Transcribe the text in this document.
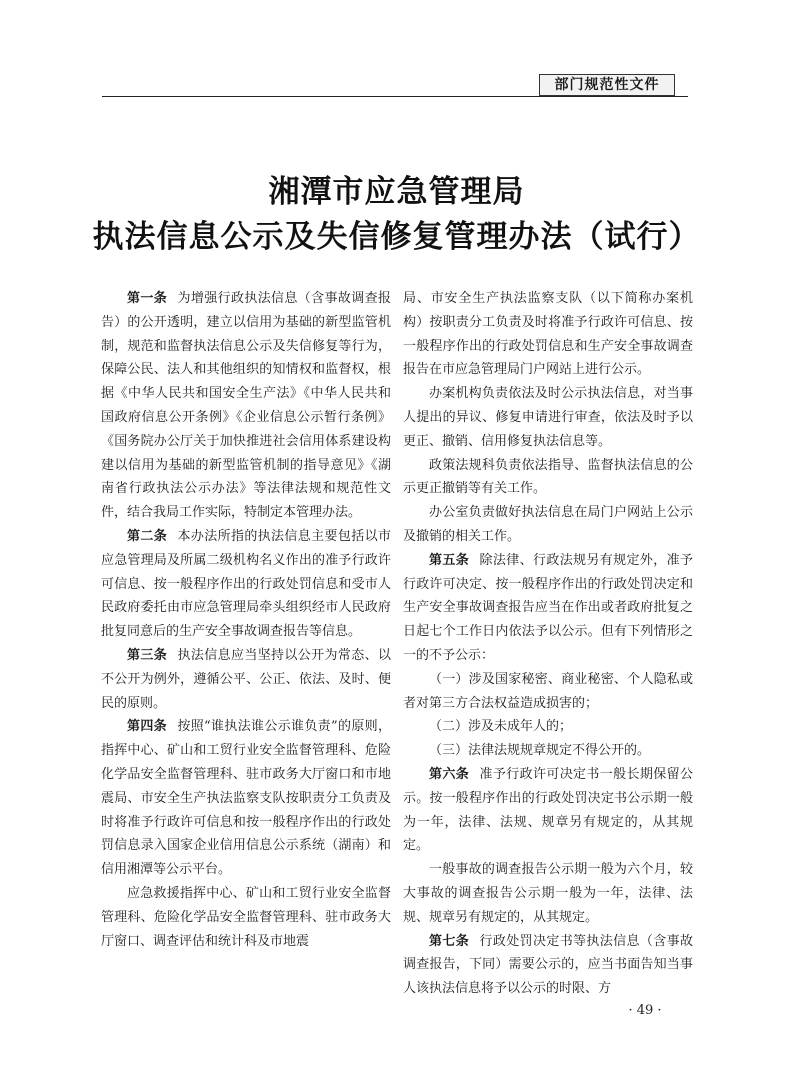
部门规范性文件
湘潭市应急管理局
执法信息公示及失信修复管理办法（试行）

第一条 为增强行政执法信息（含事故调查报告）的公开透明，建立以信用为基础的新型监管机制，规范和监督执法信息公示及失信修复等行为，保障公民、法人和其他组织的知情权和监督权，根据《中华人民共和国安全生产法》《中华人民共和国政府信息公开条例》《企业信息公示暂行条例》《国务院办公厅关于加快推进社会信用体系建设构建以信用为基础的新型监管机制的指导意见》《湖南省行政执法公示办法》等法律法规和规范性文件，结合我局工作实际，特制定本管理办法。

第二条 本办法所指的执法信息主要包括以市应急管理局及所属二级机构名义作出的准予行政许可信息、按一般程序作出的行政处罚信息和受市人民政府委托由市应急管理局牵头组织经市人民政府批复同意后的生产安全事故调查报告等信息。

第三条 执法信息应当坚持以公开为常态、以不公开为例外，遵循公平、公正、依法、及时、便民的原则。

第四条 按照“谁执法谁公示谁负责”的原则，指挥中心、矿山和工贸行业安全监督管理科、危险化学品安全监督管理科、驻市政务大厅窗口和市地震局、市安全生产执法监察支队按职责分工负责及时将准予行政许可信息和按一般程序作出的行政处罚信息录入国家企业信用信息公示系统（湖南）和信用湘潭等公示平台。

应急救援指挥中心、矿山和工贸行业安全监督管理科、危险化学品安全监督管理科、驻市政务大厅窗口、调查评估和统计科及市地震

局、市安全生产执法监察支队（以下简称办案机构）按职责分工负责及时将准予行政许可信息、按一般程序作出的行政处罚信息和生产安全事故调查报告在市应急管理局门户网站上进行公示。

办案机构负责依法及时公示执法信息，对当事人提出的异议、修复申请进行审查，依法及时予以更正、撤销、信用修复执法信息等。

政策法规科负责依法指导、监督执法信息的公示更正撤销等有关工作。

办公室负责做好执法信息在局门户网站上公示及撤销的相关工作。

第五条 除法律、行政法规另有规定外，准予行政许可决定、按一般程序作出的行政处罚决定和生产安全事故调查报告应当在作出或者政府批复之日起七个工作日内依法予以公示。但有下列情形之一的不予公示：

（一）涉及国家秘密、商业秘密、个人隐私或者对第三方合法权益造成损害的；

（二）涉及未成年人的；

（三）法律法规规章规定不得公开的。

第六条 准予行政许可决定书一般长期保留公示。按一般程序作出的行政处罚决定书公示期一般为一年，法律、法规、规章另有规定的，从其规定。

一般事故的调查报告公示期一般为六个月，较大事故的调查报告公示期一般为一年，法律、法规、规章另有规定的，从其规定。

第七条 行政处罚决定书等执法信息（含事故调查报告，下同）需要公示的，应当书面告知当事人该执法信息将予以公示的时限、方

· 49 ·
